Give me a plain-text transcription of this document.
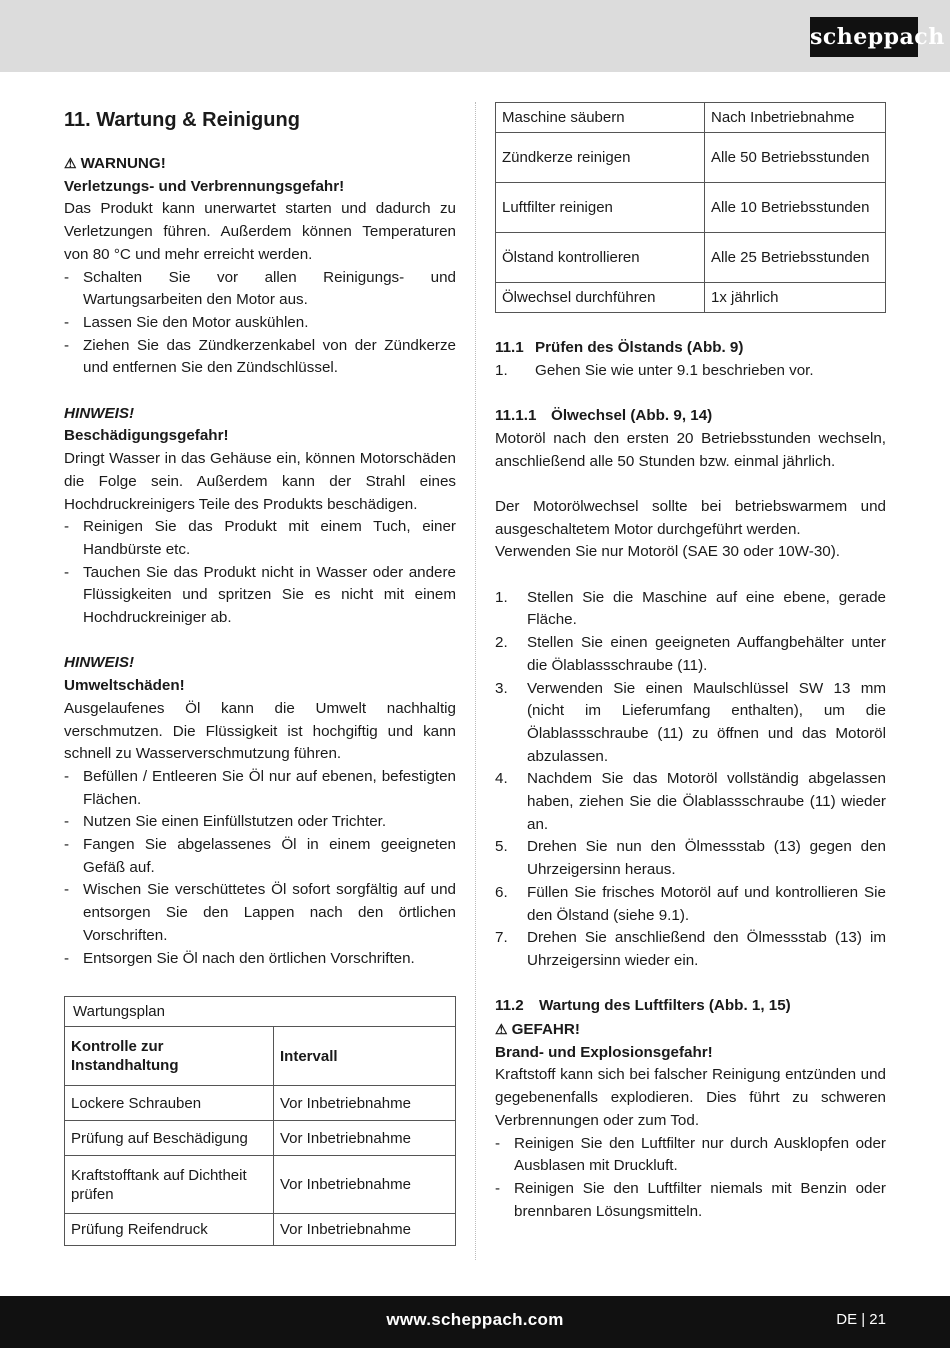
scheppach
11. Wartung & Reinigung

⚠ WARNUNG!

Verletzungs- und Verbrennungsgefahr!

Das Produkt kann unerwartet starten und dadurch zu Verletzungen führen. Außerdem können Temperaturen von 80 °C und mehr erreicht werden.

- Schalten Sie vor allen Reinigungs- und Wartungsarbeiten den Motor aus.
- Lassen Sie den Motor auskühlen.
- Ziehen Sie das Zündkerzenkabel von der Zündkerze und entfernen Sie den Zündschlüssel.

HINWEIS!

Beschädigungsgefahr!

Dringt Wasser in das Gehäuse ein, können Motorschäden die Folge sein. Außerdem kann der Strahl eines Hochdruckreinigers Teile des Produkts beschädigen.

- Reinigen Sie das Produkt mit einem Tuch, einer Handbürste etc.
- Tauchen Sie das Produkt nicht in Wasser oder andere Flüssigkeiten und spritzen Sie es nicht mit einem Hochdruckreiniger ab.

HINWEIS!

Umweltschäden!

Ausgelaufenes Öl kann die Umwelt nachhaltig verschmutzen. Die Flüssigkeit ist hochgiftig und kann schnell zu Wasserverschmutzung führen.

- Befüllen / Entleeren Sie Öl nur auf ebenen, befestigten Flächen.
- Nutzen Sie einen Einfüllstutzen oder Trichter.
- Fangen Sie abgelassenes Öl in einem geeigneten Gefäß auf.
- Wischen Sie verschüttetes Öl sofort sorgfältig auf und entsorgen Sie den Lappen nach den örtlichen Vorschriften.
- Entsorgen Sie Öl nach den örtlichen Vorschriften.
Wartungsplan	
Kontrolle zur Instandhaltung	Intervall
Lockere Schrauben	Vor Inbetriebnahme
Prüfung auf Beschädigung	Vor Inbetriebnahme
Kraftstofftank auf Dichtheit prüfen	Vor Inbetriebnahme
Prüfung Reifendruck	Vor Inbetriebnahme
Maschine säubern	Nach Inbetriebnahme
Zündkerze reinigen	Alle 50 Betriebsstunden
Luftfilter reinigen	Alle 10 Betriebsstunden
Ölstand kontrollieren	Alle 25 Betriebsstunden
Ölwechsel durchführen	1x jährlich
11.1 Prüfen des Ölstands (Abb. 9)
1.	Gehen Sie wie unter 9.1 beschrieben vor.
11.1.1 Ölwechsel (Abb. 9, 14)

Motoröl nach den ersten 20 Betriebsstunden wechseln, anschließend alle 50 Stunden bzw. einmal jährlich.

Der Motorölwechsel sollte bei betriebswarmem und ausgeschaltetem Motor durchgeführt werden.

Verwenden Sie nur Motoröl (SAE 30 oder 10W-30).

1.	Stellen Sie die Maschine auf eine ebene, gerade Fläche.
2.	Stellen Sie einen geeigneten Auffangbehälter unter die Ölablassschraube (11).
3.	Verwenden Sie einen Maulschlüssel SW 13 mm (nicht im Lieferumfang enthalten), um die Ölablassschraube (11) zu öffnen und das Motoröl abzulassen.
4.	Nachdem Sie das Motoröl vollständig abgelassen haben, ziehen Sie die Ölablassschraube (11) wieder an.
5.	Drehen Sie nun den Ölmessstab (13) gegen den Uhrzeigersinn heraus.
6.	Füllen Sie frisches Motoröl auf und kontrollieren Sie den Ölstand (siehe 9.1).
7.	Drehen Sie anschließend den Ölmessstab (13) im Uhrzeigersinn wieder ein.
11.2	Wartung des Luftfilters (Abb. 1, 15)

⚠ GEFAHR!

Brand- und Explosionsgefahr!

Kraftstoff kann sich bei falscher Reinigung entzünden und gegebenenfalls explodieren. Dies führt zu schweren Verbrennungen oder zum Tod.

- Reinigen Sie den Luftfilter nur durch Ausklopfen oder Ausblasen mit Druckluft.
- Reinigen Sie den Luftfilter niemals mit Benzin oder brennbaren Lösungsmitteln.
www.scheppach.com	DE | 21
